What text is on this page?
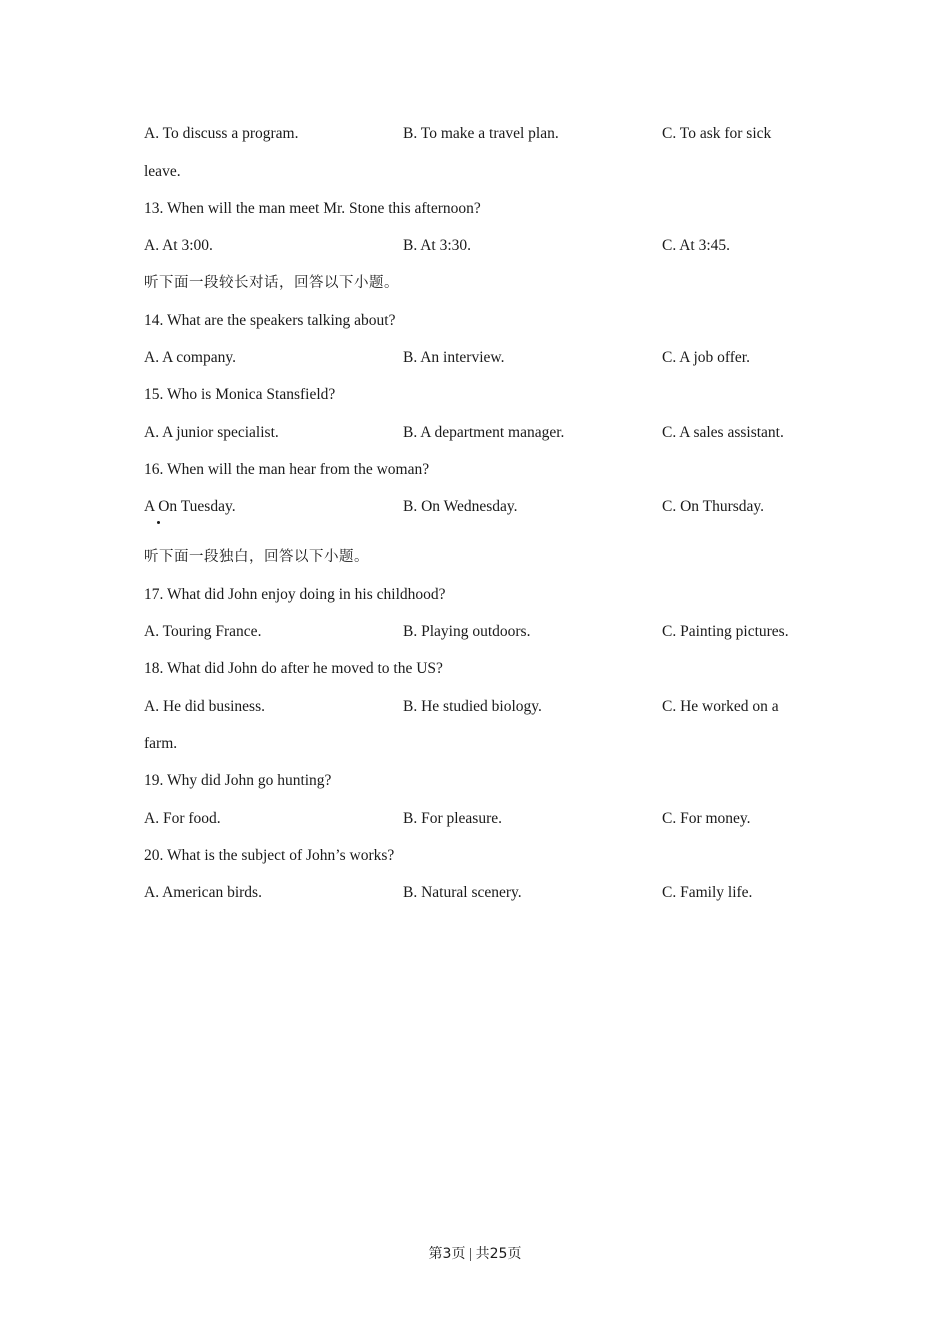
A. To discuss a program.	B. To make a travel plan.	C. To ask for sick
leave.
13. When will the man meet Mr. Stone this afternoon?
A. At 3:00.	B. At 3:30.	C. At 3:45.
听下面一段较长对话，回答以下小题。
14. What are the speakers talking about?
A. A company.	B. An interview.	C. A job offer.
15. Who is Monica Stansfield?
A. A junior specialist.	B. A department manager.	C. A sales assistant.
16. When will the man hear from the woman?
A On Tuesday.	B. On Wednesday.	C. On Thursday.
听下面一段独白，回答以下小题。
17. What did John enjoy doing in his childhood?
A. Touring France.	B. Playing outdoors.	C. Painting pictures.
18. What did John do after he moved to the US?
A. He did business.	B. He studied biology.	C. He worked on a
farm.
19. Why did John go hunting?
A. For food.	B. For pleasure.	C. For money.
20. What is the subject of John’s works?
A. American birds.	B. Natural scenery.	C. Family life.
第3页 | 共25页
